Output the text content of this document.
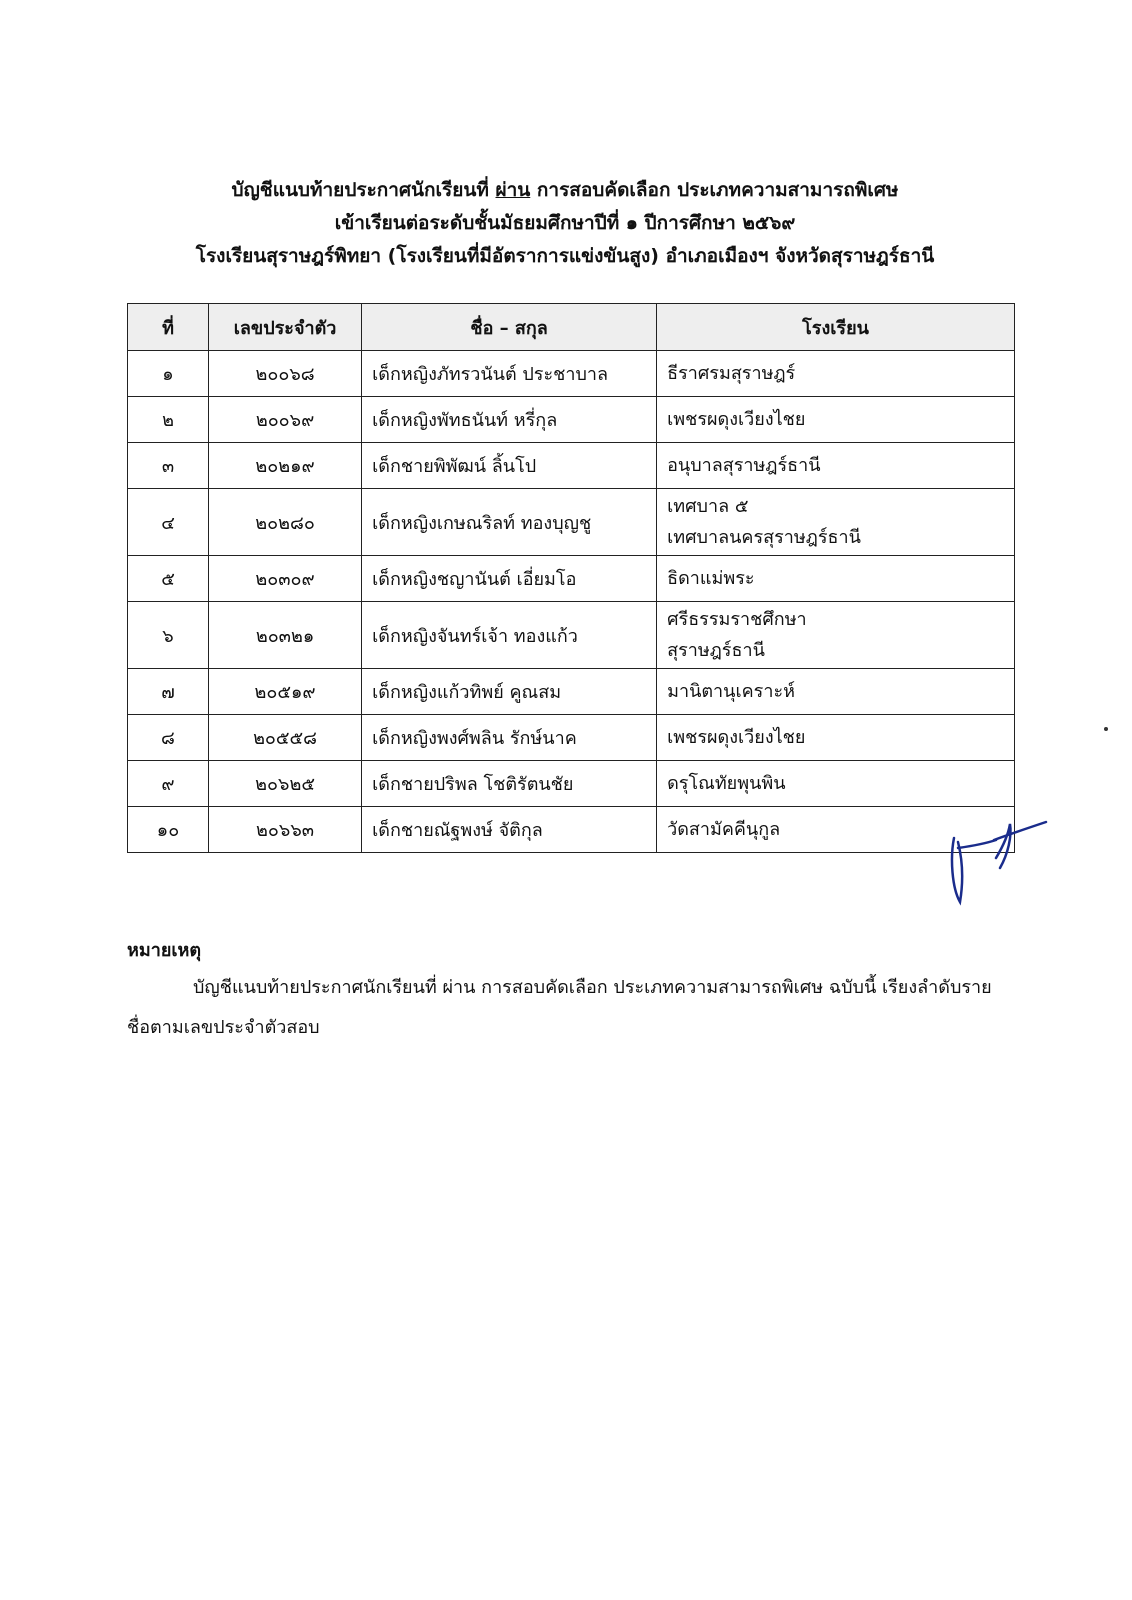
บัญชีแนบท้ายประกาศนักเรียนที่ ผ่าน การสอบคัดเลือก ประเภทความสามารถพิเศษ
เข้าเรียนต่อระดับชั้นมัธยมศึกษาปีที่ ๑ ปีการศึกษา ๒๕๖๙
โรงเรียนสุราษฎร์พิทยา (โรงเรียนที่มีอัตราการแข่งขันสูง) อำเภอเมืองฯ จังหวัดสุราษฎร์ธานี
ที่	เลขประจำตัว	ชื่อ – สกุล	โรงเรียน
๑	๒๐๐๖๘	เด็กหญิงภัทรวนันต์ ประชาบาล	ธีราศรมสุราษฎร์

๒	๒๐๐๖๙	เด็กหญิงพัทธนันท์ หรี่กุล	เพชรผดุงเวียงไชย

๓	๒๐๒๑๙	เด็กชายพิพัฒน์ ลิ้นโป	อนุบาลสุราษฎร์ธานี

๔	๒๐๒๘๐	เด็กหญิงเกษณริลท์ ทองบุญชู	เทศบาล ๕
เทศบาลนครสุราษฎร์ธานี

๕	๒๐๓๐๙	เด็กหญิงชญานันต์ เอี่ยมโอ	ธิดาแม่พระ

๖	๒๐๓๒๑	เด็กหญิงจันทร์เจ้า ทองแก้ว	ศรีธรรมราชศึกษา
สุราษฎร์ธานี

๗	๒๐๕๑๙	เด็กหญิงแก้วทิพย์ คูณสม	มานิตานุเคราะห์

๘	๒๐๕๕๘	เด็กหญิงพงศ์พลิน รักษ์นาค	เพชรผดุงเวียงไชย

๙	๒๐๖๒๕	เด็กชายปริพล โชติรัตนชัย	ดรุโณทัยพุนพิน

๑๐	๒๐๖๖๓	เด็กชายณัฐพงษ์ จัติกุล	วัดสามัคคีนุกูล
หมายเหตุ
บัญชีแนบท้ายประกาศนักเรียนที่ ผ่าน การสอบคัดเลือก ประเภทความสามารถพิเศษ ฉบับนี้ เรียงลำดับรายชื่อตามเลขประจำตัวสอบ
